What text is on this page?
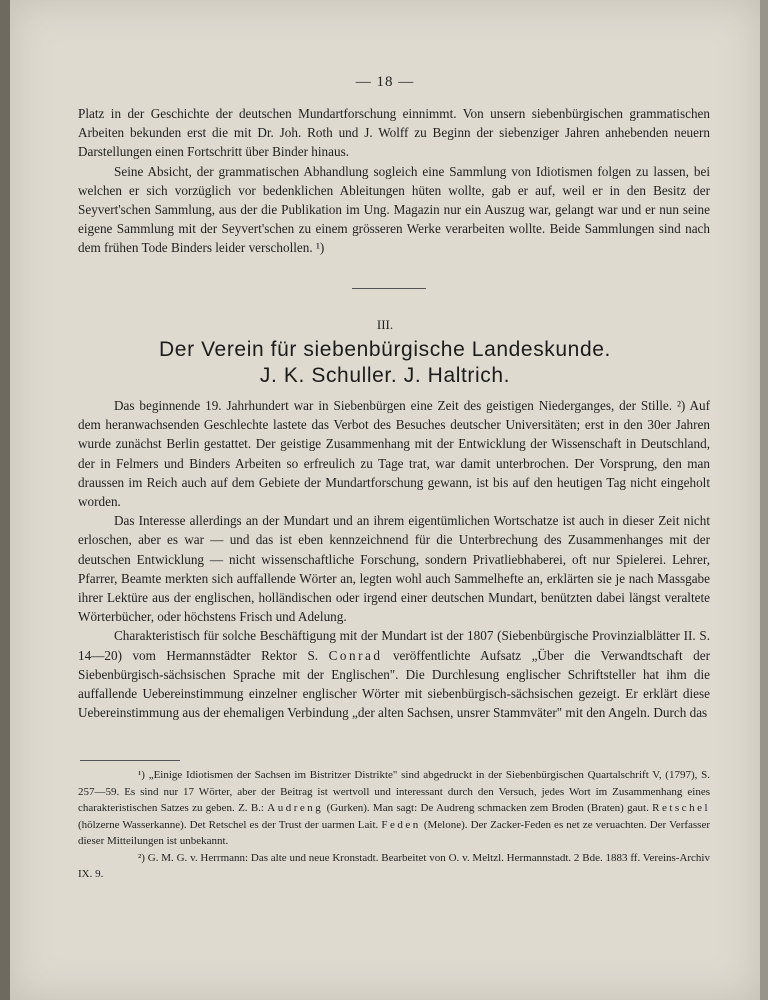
— 18 —

Platz in der Geschichte der deutschen Mundartforschung einnimmt. Von unsern siebenbürgischen grammatischen Arbeiten bekunden erst die mit Dr. Joh. Roth und J. Wolff zu Beginn der siebenziger Jahren anhebenden neuern Darstellungen einen Fortschritt über Binder hinaus.

Seine Absicht, der grammatischen Abhandlung sogleich eine Sammlung von Idiotismen folgen zu lassen, bei welchen er sich vorzüglich vor bedenklichen Ableitungen hüten wollte, gab er auf, weil er in den Besitz der Seyvert'schen Sammlung, aus der die Publikation im Ung. Magazin nur ein Auszug war, gelangt war und er nun seine eigene Sammlung mit der Seyvert'schen zu einem grösseren Werke verarbeiten wollte. Beide Sammlungen sind nach dem frühen Tode Binders leider verschollen. ¹)

III.
Der Verein für siebenbürgische Landeskunde.
J. K. Schuller. J. Haltrich.

Das beginnende 19. Jahrhundert war in Siebenbürgen eine Zeit des geistigen Niederganges, der Stille. ²) Auf dem heranwachsenden Geschlechte lastete das Verbot des Besuches deutscher Universitäten; erst in den 30er Jahren wurde zunächst Berlin gestattet. Der geistige Zusammenhang mit der Entwicklung der Wissenschaft in Deutschland, der in Felmers und Binders Arbeiten so erfreulich zu Tage trat, war damit unterbrochen. Der Vorsprung, den man draussen im Reich auch auf dem Gebiete der Mundartforschung gewann, ist bis auf den heutigen Tag nicht eingeholt worden.

Das Interesse allerdings an der Mundart und an ihrem eigentümlichen Wortschatze ist auch in dieser Zeit nicht erloschen, aber es war — und das ist eben kennzeichnend für die Unterbrechung des Zusammenhanges mit der deutschen Entwicklung — nicht wissenschaftliche Forschung, sondern Privatliebhaberei, oft nur Spielerei. Lehrer, Pfarrer, Beamte merkten sich auffallende Wörter an, legten wohl auch Sammelhefte an, erklärten sie je nach Massgabe ihrer Lektüre aus der englischen, holländischen oder irgend einer deutschen Mundart, benützten dabei längst veraltete Wörterbücher, oder höchstens Frisch und Adelung.

Charakteristisch für solche Beschäftigung mit der Mundart ist der 1807 (Siebenbürgische Provinzialblätter II. S. 14—20) vom Hermannstädter Rektor S. Conrad veröffentlichte Aufsatz „Über die Verwandtschaft der Siebenbürgisch-sächsischen Sprache mit der Englischen". Die Durchlesung englischer Schriftsteller hat ihm die auffallende Uebereinstimmung einzelner englischer Wörter mit siebenbürgisch-sächsischen gezeigt. Er erklärt diese Uebereinstimmung aus der ehemaligen Verbindung „der alten Sachsen, unsrer Stammväter" mit den Angeln. Durch das

¹) „Einige Idiotismen der Sachsen im Bistritzer Distrikte" sind abgedruckt in der Siebenbürgischen Quartalschrift V, (1797), S. 257—59. Es sind nur 17 Wörter, aber der Beitrag ist wertvoll und interessant durch den Versuch, jedes Wort im Zusammenhang eines charakteristischen Satzes zu geben. Z. B.: Audreng (Gurken). Man sagt: De Audreng schmacken zem Broden (Braten) gaut. Retschel (hölzerne Wasserkanne). Det Retschel es der Trust der uarmen Lait. Feden (Melone). Der Zacker-Feden es net ze veruachten. Der Verfasser dieser Mitteilungen ist unbekannt.

²) G. M. G. v. Herrmann: Das alte und neue Kronstadt. Bearbeitet von O. v. Meltzl. Hermannstadt. 2 Bde. 1883 ff. Vereins-Archiv IX. 9.
